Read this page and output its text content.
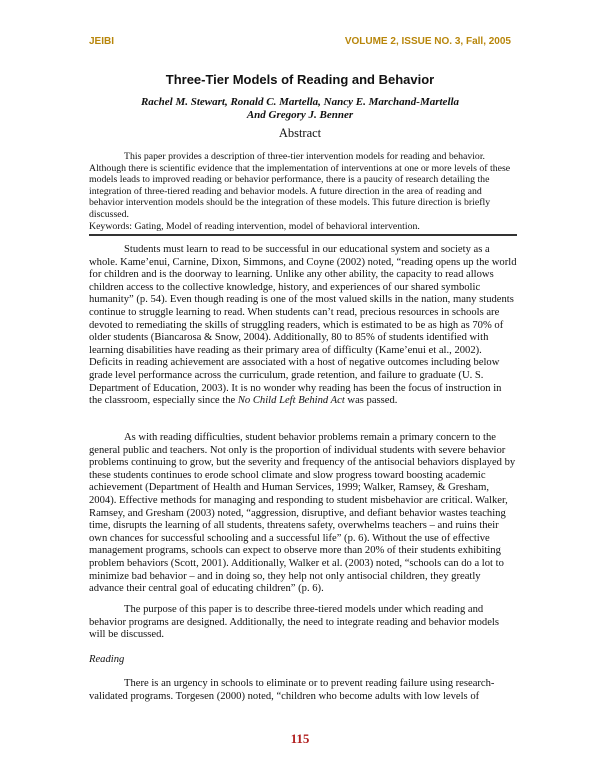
JEIBI	VOLUME 2, ISSUE NO. 3, Fall, 2005
Three-Tier Models of Reading and Behavior
Rachel M. Stewart, Ronald C. Martella, Nancy E. Marchand-Martella
And Gregory J. Benner
Abstract

This paper provides a description of three-tier intervention models for reading and behavior. Although there is scientific evidence that the implementation of interventions at one or more levels of these models leads to improved reading or behavior performance, there is a paucity of research detailing the integration of three-tiered reading and behavior models. A future direction in the area of reading and behavior intervention models should be the integration of these models. This future direction is briefly discussed.

Keywords: Gating, Model of reading intervention, model of behavioral intervention.

Students must learn to read to be successful in our educational system and society as a whole. Kame’enui, Carnine, Dixon, Simmons, and Coyne (2002) noted, “reading opens up the world for children and is the doorway to learning. Unlike any other ability, the capacity to read allows children access to the collective knowledge, history, and experiences of our shared symbolic humanity” (p. 54). Even though reading is one of the most valued skills in the nation, many students continue to struggle learning to read. When students can’t read, precious resources in schools are devoted to remediating the skills of struggling readers, which is estimated to be as high as 70% of older students (Biancarosa & Snow, 2004). Additionally, 80 to 85% of students identified with learning disabilities have reading as their primary area of difficulty (Kame’enui et al., 2002). Deficits in reading achievement are associated with a host of negative outcomes including below grade level performance across the curriculum, grade retention, and failure to graduate (U. S. Department of Education, 2003). It is no wonder why reading has been the focus of instruction in the classroom, especially since the No Child Left Behind Act was passed.

As with reading difficulties, student behavior problems remain a primary concern to the general public and teachers. Not only is the proportion of individual students with severe behavior problems continuing to grow, but the severity and frequency of the antisocial behaviors displayed by these students continues to erode school climate and slow progress toward boosting academic achievement (Department of Health and Human Services, 1999; Walker, Ramsey, & Gresham, 2004). Effective methods for managing and responding to student misbehavior are critical. Walker, Ramsey, and Gresham (2003) noted, “aggression, disruptive, and defiant behavior wastes teaching time, disrupts the learning of all students, threatens safety, overwhelms teachers – and ruins their own chances for successful schooling and a successful life” (p. 6). Without the use of effective management programs, schools can expect to observe more than 20% of their students exhibiting problem behaviors (Scott, 2001). Additionally, Walker et al. (2003) noted, “schools can do a lot to minimize bad behavior – and in doing so, they help not only antisocial children, they greatly advance their central goal of educating children” (p. 6).

The purpose of this paper is to describe three-tiered models under which reading and behavior programs are designed. Additionally, the need to integrate reading and behavior models will be discussed.

Reading

There is an urgency in schools to eliminate or to prevent reading failure using research-validated programs. Torgesen (2000) noted, “children who become adults with low levels of

115
